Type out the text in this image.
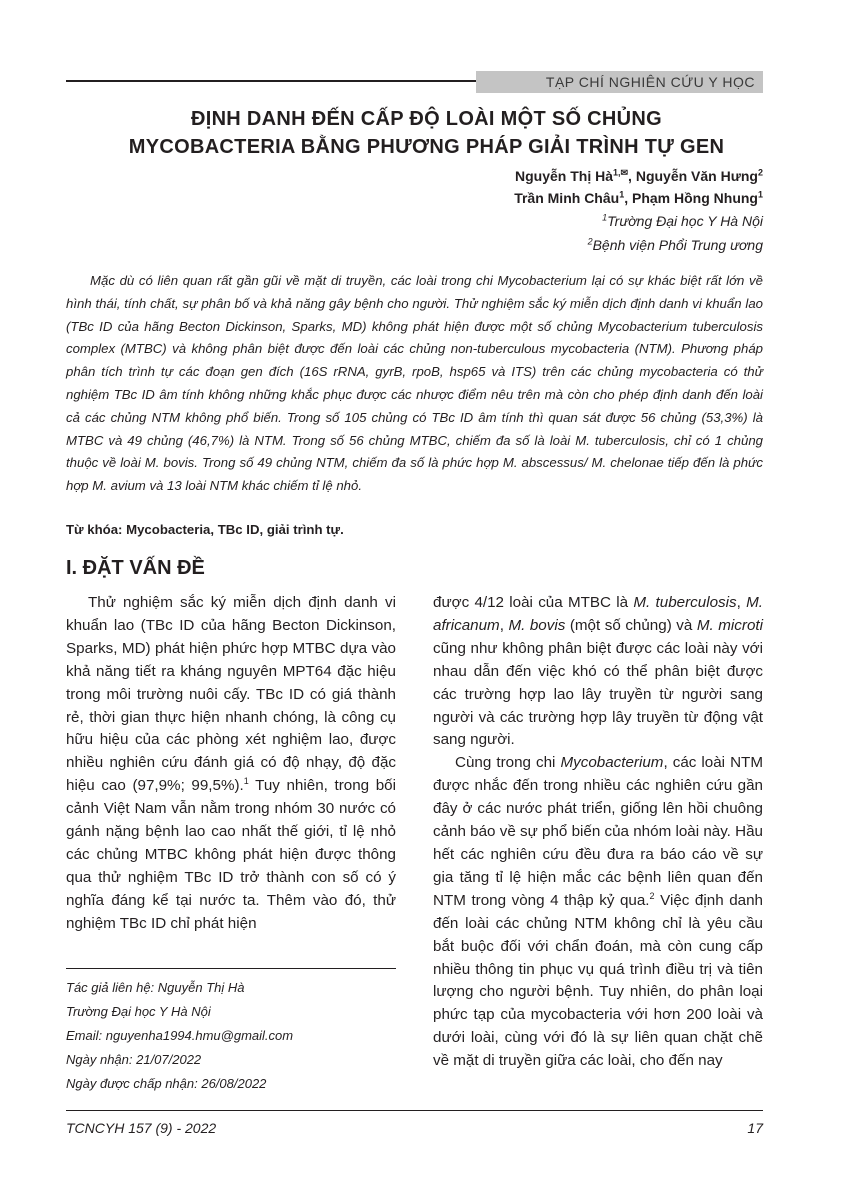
TẠP CHÍ NGHIÊN CỨU Y HỌC
ĐỊNH DANH ĐẾN CẤP ĐỘ LOÀI MỘT SỐ CHỦNG
MYCOBACTERIA BẰNG PHƯƠNG PHÁP GIẢI TRÌNH TỰ GEN
Nguyễn Thị $Hà^{1,✉}$, Nguyễn Văn Hưng$^2$
Trần Minh Châu$^1$, Phạm Hồng Nhung$^1$
$^1$Trường Đại học Y Hà Nội
$^2$Bệnh viện Phổi Trung ương

Mặc dù có liên quan rất gần gũi về mặt di truyền, các loài trong chi Mycobacterium lại có sự khác biệt rất lớn về hình thái, tính chất, sự phân bố và khả năng gây bệnh cho người. Thử nghiệm sắc ký miễn dịch định danh vi khuẩn lao (TBc ID của hãng Becton Dickinson, Sparks, MD) không phát hiện được một số chủng Mycobacterium tuberculosis complex (MTBC) và không phân biệt được đến loài các chủng non-tuberculous mycobacteria (NTM). Phương pháp phân tích trình tự các đoạn gen đích (16S rRNA, gyrB, rpoB, hsp65 và ITS) trên các chủng mycobacteria có thử nghiệm TBc ID âm tính không những khắc phục được các nhược điểm nêu trên mà còn cho phép định danh đến loài cả các chủng NTM không phổ biến. Trong số 105 chủng có TBc ID âm tính thì quan sát được 56 chủng (53,3%) là MTBC và 49 chủng (46,7%) là NTM. Trong số 56 chủng MTBC, chiếm đa số là loài M. tuberculosis, chỉ có 1 chủng thuộc về loài M. bovis. Trong số 49 chủng NTM, chiếm đa số là phức hợp M. abscessus/ M. chelonae tiếp đến là phức hợp M. avium và 13 loài NTM khác chiếm tỉ lệ nhỏ.

Từ khóa: Mycobacteria, TBc ID, giải trình tự.
I. ĐẶT VẤN ĐỀ

Thử nghiệm sắc ký miễn dịch định danh vi khuẩn lao (TBc ID của hãng Becton Dickinson, Sparks, MD) phát hiện phức hợp MTBC dựa vào khả năng tiết ra kháng nguyên MPT64 đặc hiệu trong môi trường nuôi cấy. TBc ID có giá thành rẻ, thời gian thực hiện nhanh chóng, là công cụ hữu hiệu của các phòng xét nghiệm lao, được nhiều nghiên cứu đánh giá có độ nhạy, độ đặc hiệu cao (97,9%; 99,5%).$^1$ Tuy nhiên, trong bối cảnh Việt Nam vẫn nằm trong nhóm 30 nước có gánh nặng bệnh lao cao nhất thế giới, tỉ lệ nhỏ các chủng MTBC không phát hiện được thông qua thử nghiệm TBc ID trở thành con số có ý nghĩa đáng kể tại nước ta. Thêm vào đó, thử nghiệm TBc ID chỉ phát hiện

được 4/12 loài của MTBC là M. tuberculosis, M. africanum, M. bovis (một số chủng) và M. microti cũng như không phân biệt được các loài này với nhau dẫn đến việc khó có thể phân biệt được các trường hợp lao lây truyền từ người sang người và các trường hợp lây truyền từ động vật sang người.

Cùng trong chi Mycobacterium, các loài NTM được nhắc đến trong nhiều các nghiên cứu gần đây ở các nước phát triển, giống lên hồi chuông cảnh báo về sự phổ biến của nhóm loài này. Hầu hết các nghiên cứu đều đưa ra báo cáo về sự gia tăng tỉ lệ hiện mắc các bệnh liên quan đến NTM trong vòng 4 thập kỷ qua.$^2$ Việc định danh đến loài các chủng NTM không chỉ là yêu cầu bắt buộc đối với chẩn đoán, mà còn cung cấp nhiều thông tin phục vụ quá trình điều trị và tiên lượng cho người bệnh. Tuy nhiên, do phân loại phức tạp của mycobacteria với hơn 200 loài và dưới loài, cùng với đó là sự liên quan chặt chẽ về mặt di truyền giữa các loài, cho đến nay

Tác giả liên hệ: Nguyễn Thị Hà
Trường Đại học Y Hà Nội
Email: nguyenha1994.hmu@gmail.com
Ngày nhận: 21/07/2022
Ngày được chấp nhận: 26/08/2022
TCNCYH 157 (9) - 2022	17
